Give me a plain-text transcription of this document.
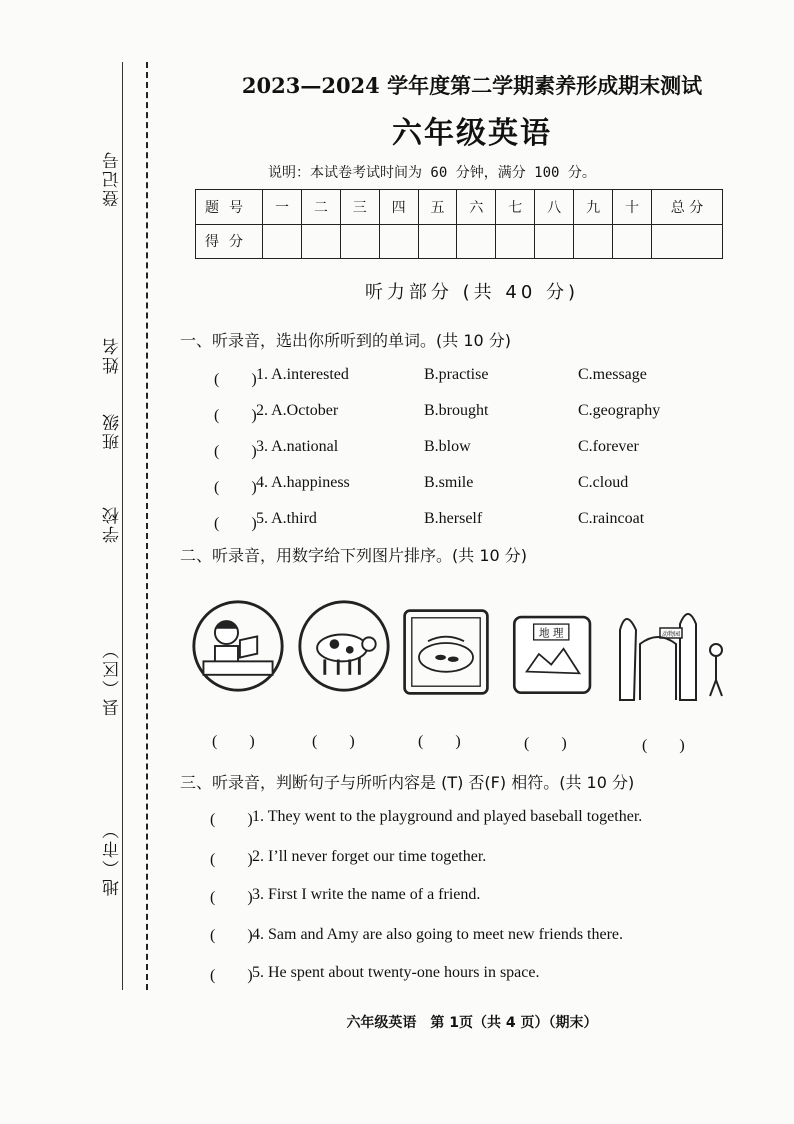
登记号
班级　　姓名
学校
县（区）
地（市）
2023—2024 学年度第二学期素养形成期末测试
六年级英语
说明：本试卷考试时间为 60 分钟，满分 100 分。
题号	一	二	三	四	五	六	七	八	九	十	总 分
得分											
听力部分 (共 40 分)
一、听录音，选出你所听到的单词。(共 10 分)
(　　) 1. A.interested	B.practise	C.message
(　　) 2. A.October	B.brought	C.geography
(　　) 3. A.national	B.blow	C.forever
(　　) 4. A.happiness	B.smile	C.cloud
(　　) 5. A.third	B.herself	C.raincoat
二、听录音，用数字给下列图片排序。(共 10 分)
地 理	动物园
(　　)	(　　)	(　　)	(　　)	(　　)
三、听录音，判断句子与所听内容是 (T) 否(F) 相符。(共 10 分)
(　　) 1. They went to the playground and played baseball together.
(　　) 2. I’ll never forget our time together.
(　　) 3. First I write the name of a friend.
(　　) 4. Sam and Amy are also going to meet new friends there.
(　　) 5. He spent about twenty-one hours in space.
六年级英语　第 1页（共 4 页）（期末）
